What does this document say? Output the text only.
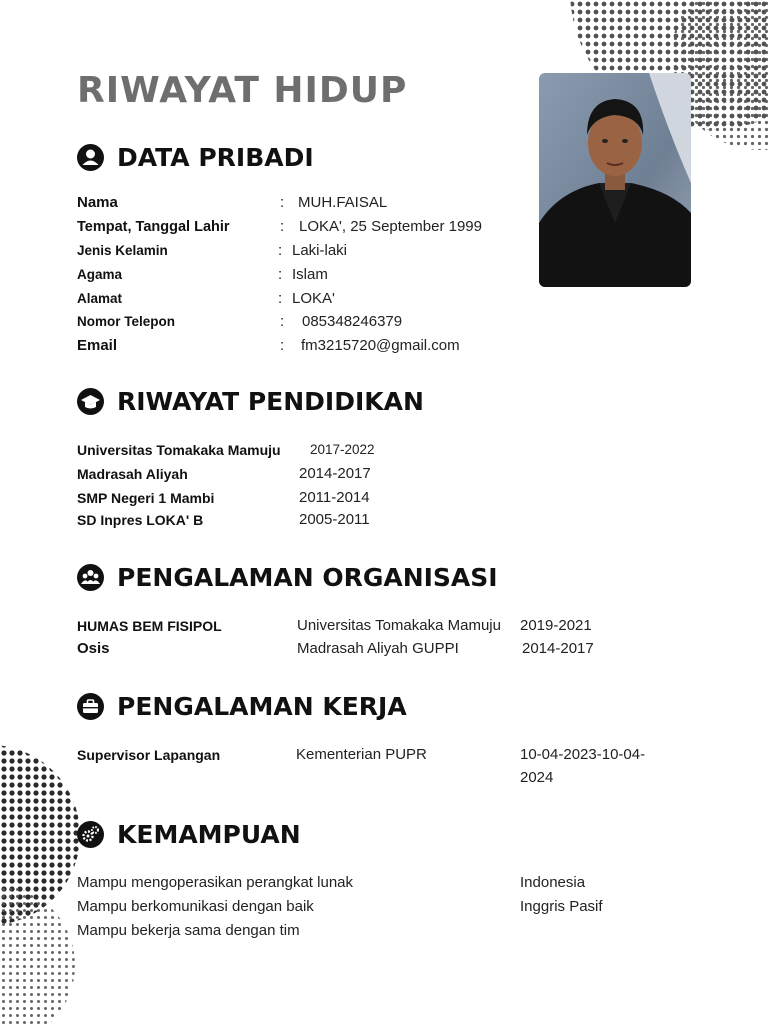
RIWAYAT HIDUP
DATA PRIBADI
Nama	: MUH.FAISAL
Tempat, Tanggal Lahir	: LOKA', 25 September 1999
Jenis Kelamin	: Laki-laki
Agama	: Islam
Alamat	: LOKA'
Nomor Telepon	: 085348246379
Email	: fm3215720@gmail.com
RIWAYAT PENDIDIKAN
Universitas Tomakaka Mamuju 2017-2022
Madrasah Aliyah	2014-2017
SMP Negeri 1 Mambi	2011-2014
SD Inpres LOKA' B	2005-2011
PENGALAMAN ORGANISASI
HUMAS BEM FISIPOL	Universitas Tomakaka Mamuju 2019-2021
Osis	Madrasah Aliyah GUPPI	2014-2017
PENGALAMAN KERJA
Supervisor Lapangan	Kementerian PUPR	10-04-2023-10-04-
2024
KEMAMPUAN
Mampu mengoperasikan perangkat lunak	Indonesia
Mampu berkomunikasi dengan baik	Inggris Pasif
Mampu bekerja sama dengan tim
